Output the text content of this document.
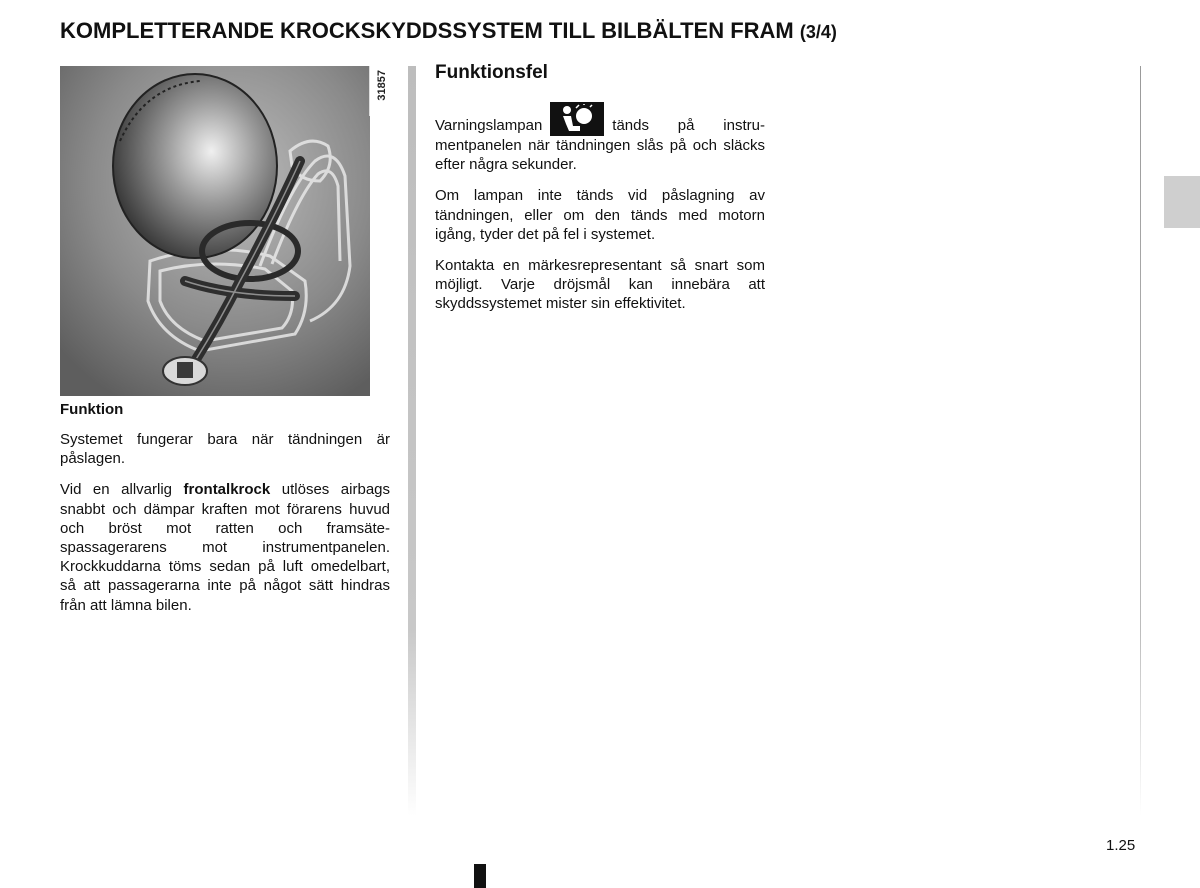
KOMPLETTERANDE KROCKSKYDDSSYSTEM TILL BILBÄLTEN FRAM (3/4)
31857
Funktion

Systemet fungerar bara när tändningen är påslagen.

Vid en allvarlig frontalkrock utlöses airbags snabbt och dämpar kraften mot förarens huvud och bröst mot ratten och framsätespassagerarens mot instrumentpanelen. Krockkuddarna töms sedan på luft omedelbart, så att passagerarna inte på något sätt hindras från att lämna bilen.

Funktionsfel

Varningslampan	tänds på instrumentpanelen när tändningen slås på och släcks efter några sekunder.

Om lampan inte tänds vid påslagning av tändningen, eller om den tänds med motorn igång, tyder det på fel i systemet.

Kontakta en märkesrepresentant så snart som möjligt. Varje dröjsmål kan innebära att skyddssystemet mister sin effektivitet.

1.25
